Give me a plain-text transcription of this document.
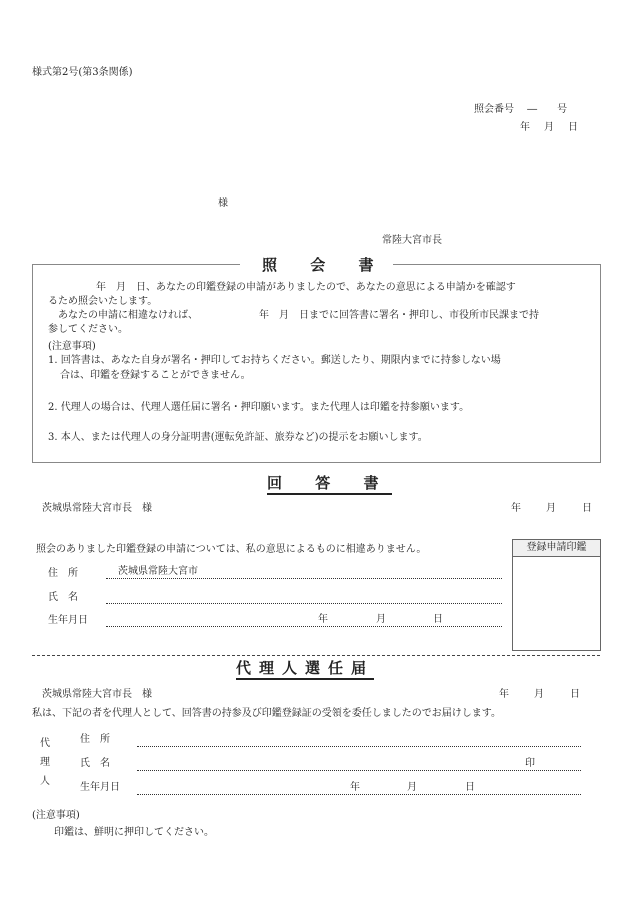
様式第2号(第3条関係)
照会番号 　―　　号
年　月　日
様
常陸大宮市長
照 会 書
年　月　日、あなたの印鑑登録の申請がありましたので、あなたの意思による申請かを確認す
るため照会いたします。
あなたの申請に相違なければ、	年　月　日までに回答書に署名・押印し、市役所市民課まで持
参してください。
(注意事項)
1. 回答書は、あなた自身が署名・押印してお持ちください。郵送したり、期限内までに持参しない場
合は、印鑑を登録することができません。
2. 代理人の場合は、代理人選任届に署名・押印願います。また代理人は印鑑を持参願います。
3. 本人、または代理人の身分証明書(運転免許証、旅券など)の提示をお願いします。
回 答 書
茨城県常陸大宮市長　様	年	月	日
照会のありました印鑑登録の申請については、私の意思によるものに相違ありません。	登録申請印鑑
住　所	茨城県常陸大宮市
氏　名
生年月日	年	月	日
代理人選任届
茨城県常陸大宮市長　様	年	月	日
私は、下記の者を代理人として、回答書の持参及び印鑑登録証の受領を委任しましたのでお届けします。
代
理
人
住　所
氏　名	印
生年月日	年	月	日
(注意事項)
印鑑は、鮮明に押印してください。
